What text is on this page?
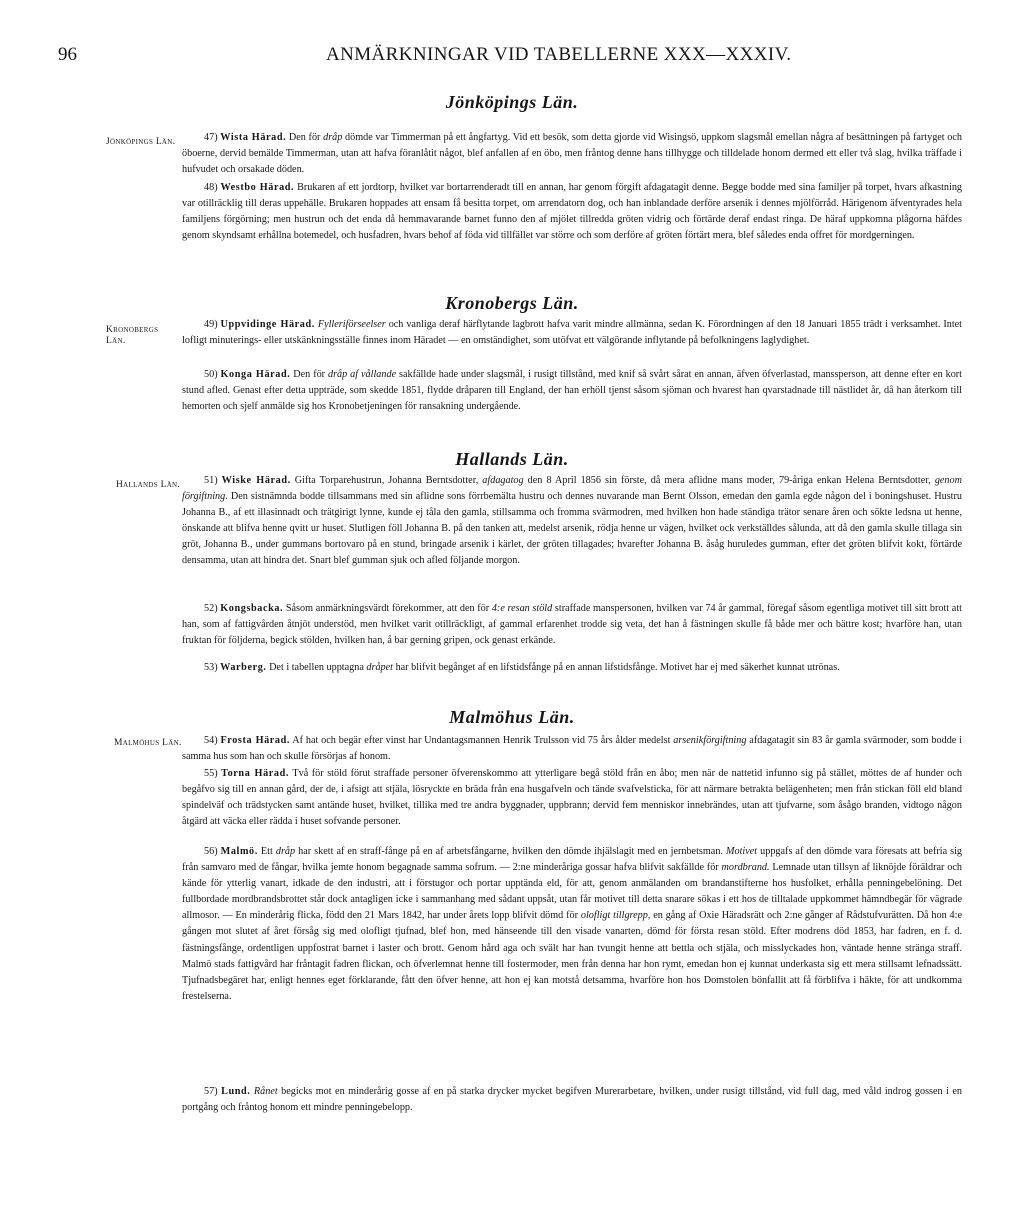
96	ANMÄRKNINGAR VID TABELLERNE XXX—XXXIV.
Jönköpings Län.
Jönköpings Län.	47) Wista Härad. Den för dråp dömde var Timmerman på ett ångfartyg. Vid ett besök, som detta gjorde vid Wisingsö, uppkom slagsmål emellan några af besättningen på fartyget och öboerne, dervid bemälde Timmerman, utan att hafva föranlåtit något, blef anfallen af en öbo, men fråntog denne hans tillhygge och tilldelade honom dermed ett eller två slag, hvilka träffade i hufvudet och orsakade döden.
48) Westbo Härad. Brukaren af ett jordtorp, hvilket var bortarrenderadt till en annan, har genom förgift afdagatagit denne. Begge bodde med sina familjer på torpet, hvars afkastning var otillräcklig till deras uppehälle. Brukaren hoppades att ensam få besitta torpet, om arrendatorn dog, och han inblandade derföre arsenik i dennes mjölförråd. Härigenom äfventyrades hela familjens förgörning; men hustrun och det enda då hemmavarande barnet funno den af mjölet tillredda gröten vidrig och förtärde deraf endast ringa. De häraf uppkomna plågorna häfdes genom skyndsamt erhållna botemedel, och husfadren, hvars behof af föda vid tillfället var större och som derföre af gröten förtärt mera, blef således enda offret för mordgerningen.
Kronobergs Län.
Kronobergs Län.
49) Uppvidinge Härad. Fylleriförseelser och vanliga deraf härflytande lagbrott hafva varit mindre allmänna, sedan K. Förordningen af den 18 Januari 1855 trädt i verksamhet. Intet lofligt minuterings- eller utskänkningsställe finnes inom Häradet — en omständighet, som utöfvat ett välgörande inflytande på befolkningens laglydighet.
50) Konga Härad. Den för dråp af vållande sakfällde hade under slagsmål, i rusigt tillstånd, med knif så svårt sårat en annan, äfven öfverlastad, manssperson, att denne efter en kort stund afled. Genast efter detta uppträde, som skedde 1851, flydde dråparen till England, der han erhöll tjenst såsom sjöman och hvarest han qvarstadnade till nästlidet år, då han återkom till hemorten och sjelf anmälde sig hos Kronobetjeningen för ransakning undergående.
Hallands Län.
Hallands Län.	51) Wiske Härad. Gifta Torparehustrun, Johanna Berntsdotter, afdagatog den 8 April 1856 sin förste, då mera aflidne mans moder, 79-åriga enkan Helena Berntsdotter, genom förgiftning. Den sistnämnda bodde tillsammans med sin aflidne sons förrbemälta hustru och dennes nuvarande man Bernt Olsson, emedan den gamla egde någon del i boningshuset. Hustru Johanna B., af ett illasinnadt och trätgirigt lynne, kunde ej tåla den gamla, stillsamma och fromma svärmodren, med hvilken hon hade ständiga trätor senare åren och sökte ledsna ut henne, önskande att blifva henne qvitt ur huset. Slutligen föll Johanna B. på den tanken att, medelst arsenik, rödja henne ur vägen, hvilket ock verkställdes sålunda, att då den gamla skulle tillaga sin gröt, Johanna B., under gummans bortovaro på en stund, bringade arsenik i kärlet, der gröten tillagades; hvarefter Johanna B. åsåg huruledes gumman, efter det gröten blifvit kokt, förtärde densamma, utan att hindra det. Snart blef gumman sjuk och afled följande morgon.
52) Kongsbacka. Såsom anmärkningsvärdt förekommer, att den för 4:e resan stöld straffade manspersonen, hvilken var 74 år gammal, föregaf såsom egentliga motivet till sitt brott att han, som af fattigvården åtnjöt understöd, men hvilket varit otillräckligt, af gammal erfarenhet trodde sig veta, det han å fästningen skulle få både mer och bättre kost; hvarföre han, utan fruktan för följderna, begick stölden, hvilken han, å bar gerning gripen, ock genast erkände.
53) Warberg. Det i tabellen upptagna dråpet har blifvit begånget af en lifstidsfånge på en annan lifstidsfånge. Motivet har ej med säkerhet kunnat utrönas.
Malmöhus Län.
Malmöhus Län.	54) Frosta Härad. Af hat och begär efter vinst har Undantagsmannen Henrik Trulsson vid 75 års ålder medelst arsenikförgiftning afdagatagit sin 83 år gamla svärmoder, som bodde i samma hus som han och skulle försörjas af honom.
55) Torna Härad. Två för stöld förut straffade personer öfverenskommo att ytterligare begå stöld från en åbo; men när de nattetid infunno sig på stället, möttes de af hunder och begåfvo sig till en annan gård, der de, i afsigt att stjäla, lösryckte en bräda från ena husgafveln och tände svafvelsticka, för att närmare betrakta belägenheten; men från stickan föll eld bland spindelväf och trädstycken samt antände huset, hvilket, tillika med tre andra byggnader, uppbrann; dervid fem menniskor innebrändes, utan att tjufvarne, som åsågo branden, vidtogo någon åtgärd att väcka eller rädda i huset sofvande personer.
56) Malmö. Ett dråp har skett af en straff-fånge på en af arbetsfångarne, hvilken den dömde ihjälslagit med en jernbetsman. Motivet uppgafs af den dömde vara föresats att befria sig från samvaro med de fångar, hvilka jemte honom begagnade samma sofrum. — 2:ne minderåriga gossar hafva blifvit sakfällde för mordbrand. Lemnade utan tillsyn af liknöjde föräldrar och kände för ytterlig vanart, idkade de den industri, att i förstugor och portar upptända eld, för att, genom anmälanden om brandanstifterne hos husfolket, erhålla penningebelöning. Det fullbordade mordbrandsbrottet står dock antagligen icke i sammanhang med sådant uppsåt, utan får motivet till detta snarare sökas i ett hos de tilltalade uppkommet hämndbegär för vägrade allmosor. — En minderårig flicka, född den 21 Mars 1842, har under årets lopp blifvit dömd för olofligt tillgrepp, en gång af Oxie Häradsrätt och 2:ne gånger af Rådstufvurätten. Då hon 4:e gången mot slutet af året försåg sig med olofligt tjufnad, blef hon, med hänseende till den visade vanarten, dömd för första resan stöld. Efter modrens död 1853, har fadren, en f. d. fästningsfånge, ordentligen uppfostrat barnet i laster och brott. Genom hård aga och svält har han tvungit henne att bettla och stjäla, och misslyckades hon, väntade henne stränga straff. Malmö stads fattigvård har fråntagit fadren flickan, och öfverlemnat henne till fostermoder, men från denna har hon rymt, emedan hon ej kunnat underkasta sig ett mera stillsamt lefnadssätt. Tjufnadsbegäret har, enligt hennes eget förklarande, fått den öfver henne, att hon ej kan motstå detsamma, hvarföre hon hos Domstolen bönfallit att få förblifva i häkte, för att undkomma frestelserna.
57) Lund. Rånet begicks mot en minderårig gosse af en på starka drycker mycket begifven Murerarbetare, hvilken, under rusigt tillstånd, vid full dag, med våld indrog gossen i en portgång och fråntog honom ett mindre penningebelopp.
